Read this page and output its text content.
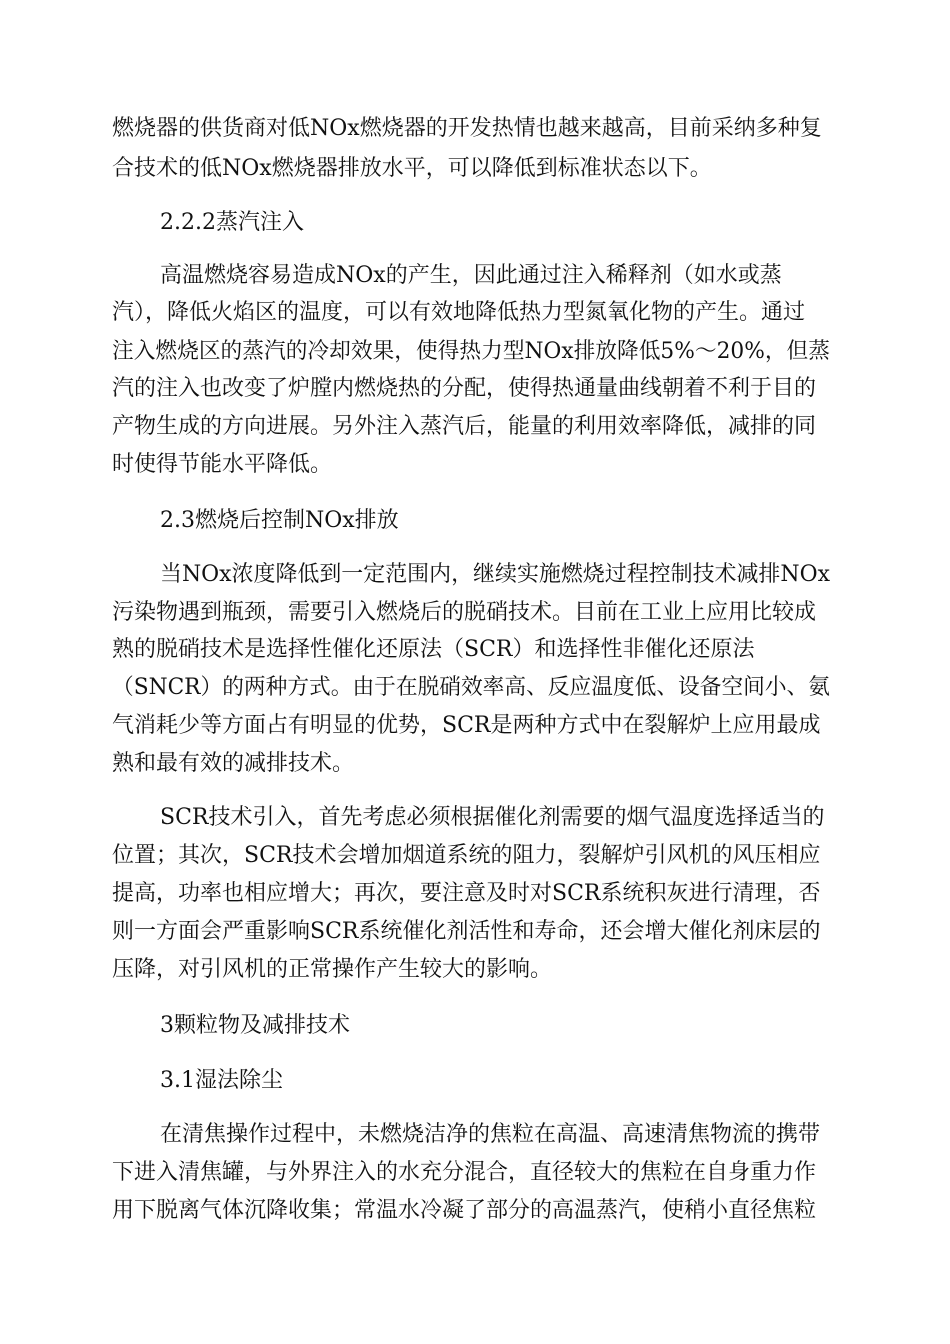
燃烧器的供货商对低NOx燃烧器的开发热情也越来越高，目前采纳多种复
合技术的低NOx燃烧器排放水平，可以降低到标准状态以下。
2.2.2蒸汽注入
高温燃烧容易造成NOx的产生，因此通过注入稀释剂（如水或蒸
汽），降低火焰区的温度，可以有效地降低热力型氮氧化物的产生。通过
注入燃烧区的蒸汽的冷却效果，使得热力型NOx排放降低5%～20%，但蒸
汽的注入也改变了炉膛内燃烧热的分配，使得热通量曲线朝着不利于目的
产物生成的方向进展。另外注入蒸汽后，能量的利用效率降低，减排的同
时使得节能水平降低。
2.3燃烧后控制NOx排放
当NOx浓度降低到一定范围内，继续实施燃烧过程控制技术减排NOx
污染物遇到瓶颈，需要引入燃烧后的脱硝技术。目前在工业上应用比较成
熟的脱硝技术是选择性催化还原法（SCR）和选择性非催化还原法
（SNCR）的两种方式。由于在脱硝效率高、反应温度低、设备空间小、氨
气消耗少等方面占有明显的优势，SCR是两种方式中在裂解炉上应用最成
熟和最有效的减排技术。
SCR技术引入，首先考虑必须根据催化剂需要的烟气温度选择适当的
位置；其次，SCR技术会增加烟道系统的阻力，裂解炉引风机的风压相应
提高，功率也相应增大；再次，要注意及时对SCR系统积灰进行清理，否
则一方面会严重影响SCR系统催化剂活性和寿命，还会增大催化剂床层的
压降，对引风机的正常操作产生较大的影响。
3颗粒物及减排技术
3.1湿法除尘
在清焦操作过程中，未燃烧洁净的焦粒在高温、高速清焦物流的携带
下进入清焦罐，与外界注入的水充分混合，直径较大的焦粒在自身重力作
用下脱离气体沉降收集；常温水冷凝了部分的高温蒸汽，使稍小直径焦粒
